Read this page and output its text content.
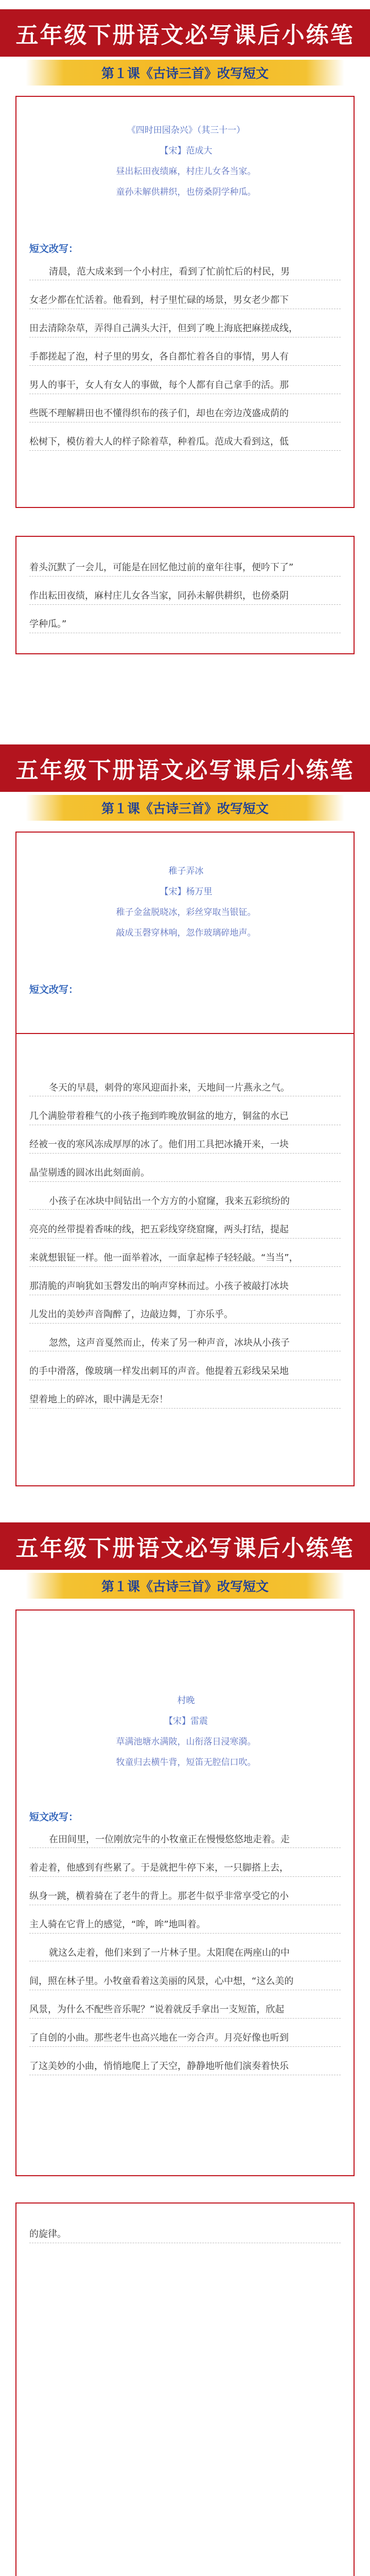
五年级下册语文必写课后小练笔
第１课《古诗三首》改写短文
《四时田园杂兴》（其三十一）
【宋】范成大
昼出耘田夜绩麻，村庄儿女各当家。
童孙未解供耕织，也傍桑阴学种瓜。
短文改写：
清晨，范大成来到一个小村庄，看到了忙前忙后的村民，男
女老少都在忙活着。他看到，村子里忙碌的场景，男女老少都下
田去清除杂草，弄得自己满头大汗，但到了晚上海底把麻搓成线，
手都搓起了泡，村子里的男女，各自都忙着各自的事情，男人有
男人的事干，女人有女人的事做，每个人都有自己拿手的活。那
些既不理解耕田也不懂得织布的孩子们，却也在旁边茂盛成荫的
松树下，模仿着大人的样子除着草，种着瓜。范成大看到这，低
着头沉默了一会儿，可能是在回忆他过前的童年往事，便吟下了”
作出耘田夜绩，麻村庄儿女各当家，同孙未解供耕织，也傍桑阴
学种瓜。”
五年级下册语文必写课后小练笔
第１课《古诗三首》改写短文
稚子弄冰
【宋】杨万里
稚子金盆脱晓冰，彩丝穿取当银钲。
敲成玉磬穿林响，忽作玻璃碎地声。
短文改写：
冬天的早晨，刺骨的寒风迎面扑来，天地间一片燕永之气。
几个满脸带着稚气的小孩子拖到昨晚放铜盆的地方，铜盆的水已
经被一夜的寒风冻成厚厚的冰了。他们用工具把冰撬开来，一块
晶莹剔透的圆冰出此刻面前。
小孩子在冰块中间钻出一个方方的小窟窿，我来五彩缤纷的
亮亮的丝带提着香味的线，把五彩线穿绕窟窿，两头打结，提起
来就想银钲一样。他一面举着冰，一面拿起棒子轻轻敲。“当当”，
那清脆的声响犹如玉磬发出的响声穿林而过。小孩子被敲打冰块
儿发出的美妙声音陶醉了，边敲边舞，丁亦乐乎。
忽然，这声音戛然而止，传来了另一种声音，冰块从小孩子
的手中滑落，像玻璃一样发出刺耳的声音。他提着五彩线呆呆地
望着地上的碎冰，眼中满是无奈！
五年级下册语文必写课后小练笔
第１课《古诗三首》改写短文
村晚
【宋】雷震
草满池塘水满陂，山衔落日浸寒漪。
牧童归去横牛背，短笛无腔信口吹。
短文改写：
在田间里，一位刚放完牛的小牧童正在慢慢悠悠地走着。走
着走着，他感到有些累了。于是就把牛停下来，一只脚搭上去，
纵身一跳，横着骑在了老牛的背上。那老牛似乎非常享受它的小
主人骑在它背上的感觉，“哞，哞”地叫着。
就这么走着，他们来到了一片林子里。太阳爬在两座山的中
间，照在林子里。小牧童看着这美丽的风景，心中想，“这么美的
风景，为什么不配些音乐呢？”说着就反手拿出一支短笛，欣起
了自创的小曲。那些老牛也高兴地在一旁合声。月亮好像也听到
了这美妙的小曲，悄悄地爬上了天空，静静地听他们演奏着快乐
的旋律。
